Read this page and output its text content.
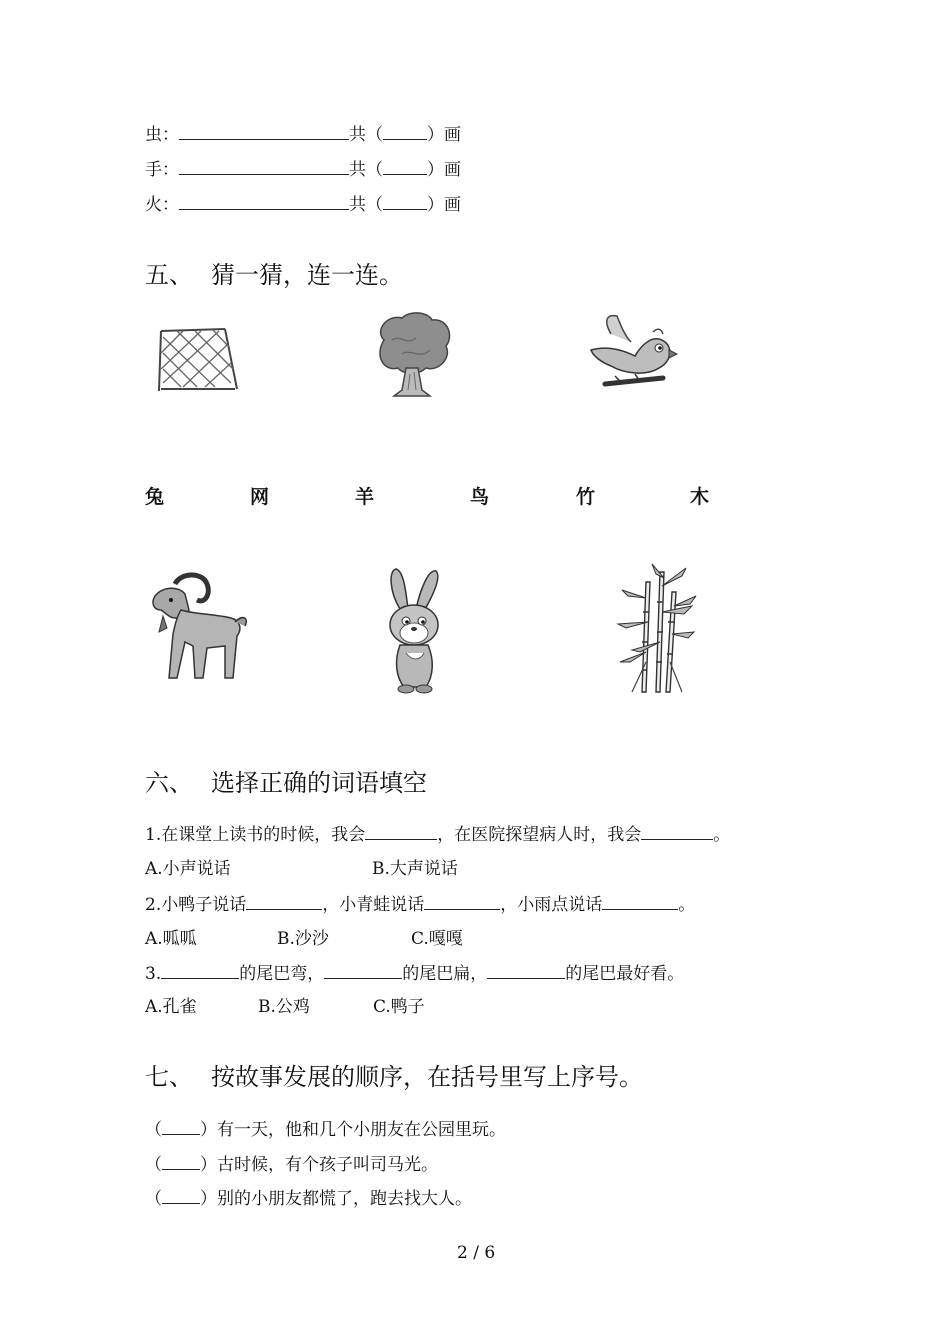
虫：	共（	）画
手：	共（	）画
火：	共（	）画
五、 猜一猜，连一连。
兔	网	羊	鸟	竹	木
六、 选择正确的词语填空
1.在课堂上读书的时候，我会	，在医院探望病人时，我会	。
A.小声说话	B.大声说话
2.小鸭子说话	，小青蛙说话	，小雨点说话	。
A.呱呱	B.沙沙	C.嘎嘎
3.	的尾巴弯，	的尾巴扁，	的尾巴最好看。
A.孔雀	B.公鸡	C.鸭子
七、 按故事发展的顺序，在括号里写上序号。
（ ）有一天，他和几个小朋友在公园里玩。
（ ）古时候，有个孩子叫司马光。
（ ）别的小朋友都慌了，跑去找大人。
2 / 6
